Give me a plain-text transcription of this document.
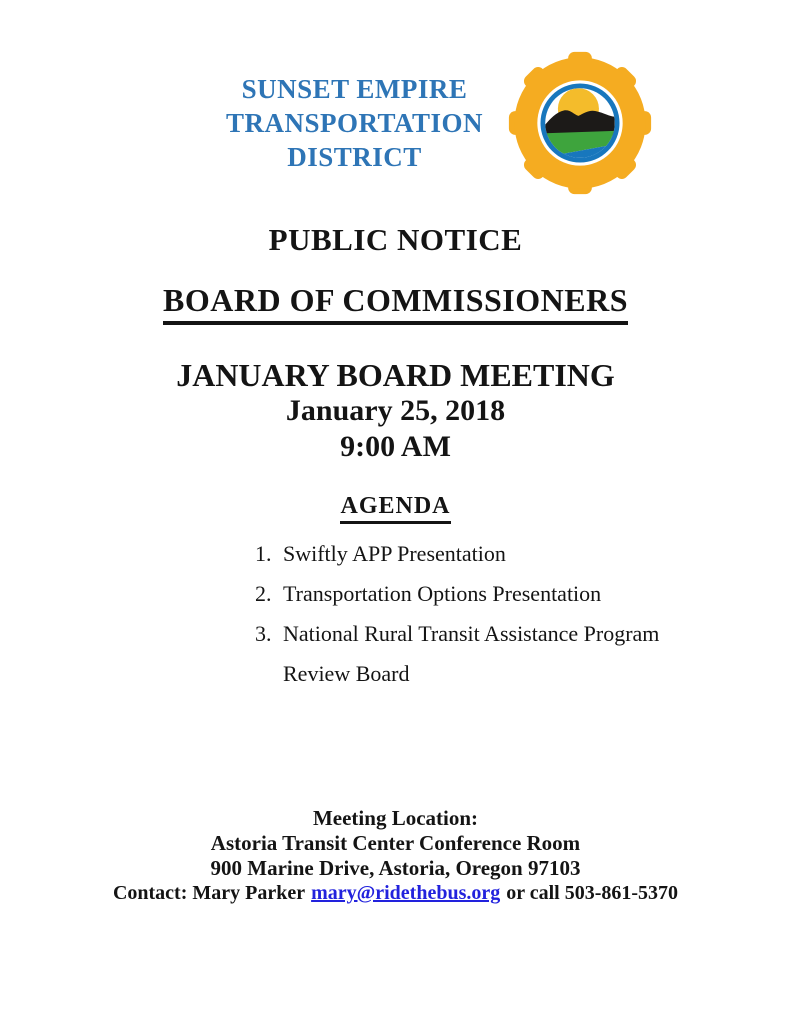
SUNSET EMPIRE
TRANSPORTATION
DISTRICT
PUBLIC NOTICE
BOARD OF COMMISSIONERS
JANUARY BOARD MEETING
January 25, 2018
9:00 AM
AGENDA
1. Swiftly APP Presentation
2. Transportation Options Presentation
3. National Rural Transit Assistance Program
Review Board
Meeting Location:
Astoria Transit Center Conference Room
900 Marine Drive, Astoria, Oregon 97103
Contact: Mary Parker mary@ridethebus.org or call 503-861-5370
